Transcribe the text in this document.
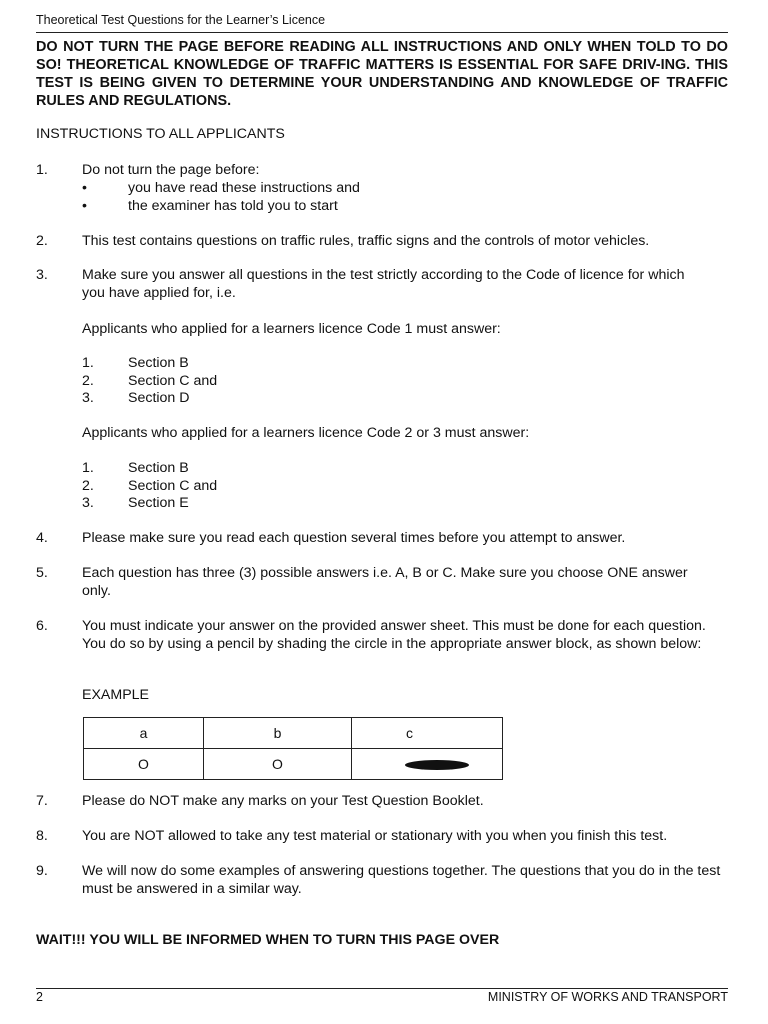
Theoretical Test Questions for the Learner’s Licence
DO NOT TURN THE PAGE BEFORE READING ALL INSTRUCTIONS AND ONLY WHEN TOLD TO DO SO! THEORETICAL KNOWLEDGE OF TRAFFIC MATTERS IS ESSENTIAL FOR SAFE DRIV-ING. THIS TEST IS BEING GIVEN TO DETERMINE YOUR UNDERSTANDING AND KNOWLEDGE OF TRAFFIC RULES AND REGULATIONS.
INSTRUCTIONS TO ALL APPLICANTS
1. Do not turn the page before:
•	you have read these instructions and
•	the examiner has told you to start
2. This test contains questions on traffic rules, traffic signs and the controls of motor vehicles.
3. Make sure you answer all questions in the test strictly according to the Code of licence for which you have applied for, i.e.
Applicants who applied for a learners licence Code 1 must answer:
1. Section B
2. Section C and
3. Section D
Applicants who applied for a learners licence Code 2 or 3 must answer:
1. Section B
2. Section C and
3. Section E
4. Please make sure you read each question several times before you attempt to answer.
5. Each question has three (3) possible answers i.e. A, B or C. Make sure you choose ONE answer only.
6. You must indicate your answer on the provided answer sheet. This must be done for each question. You do so by using a pencil by shading the circle in the appropriate answer block, as shown below:
EXAMPLE
a	b	c
O	O	
7. Please do NOT make any marks on your Test Question Booklet.
8. You are NOT allowed to take any test material or stationary with you when you finish this test.
9. We will now do some examples of answering questions together. The questions that you do in the test must be answered in a similar way.
WAIT!!! YOU WILL BE INFORMED WHEN TO TURN THIS PAGE OVER
2	MINISTRY OF WORKS AND TRANSPORT
